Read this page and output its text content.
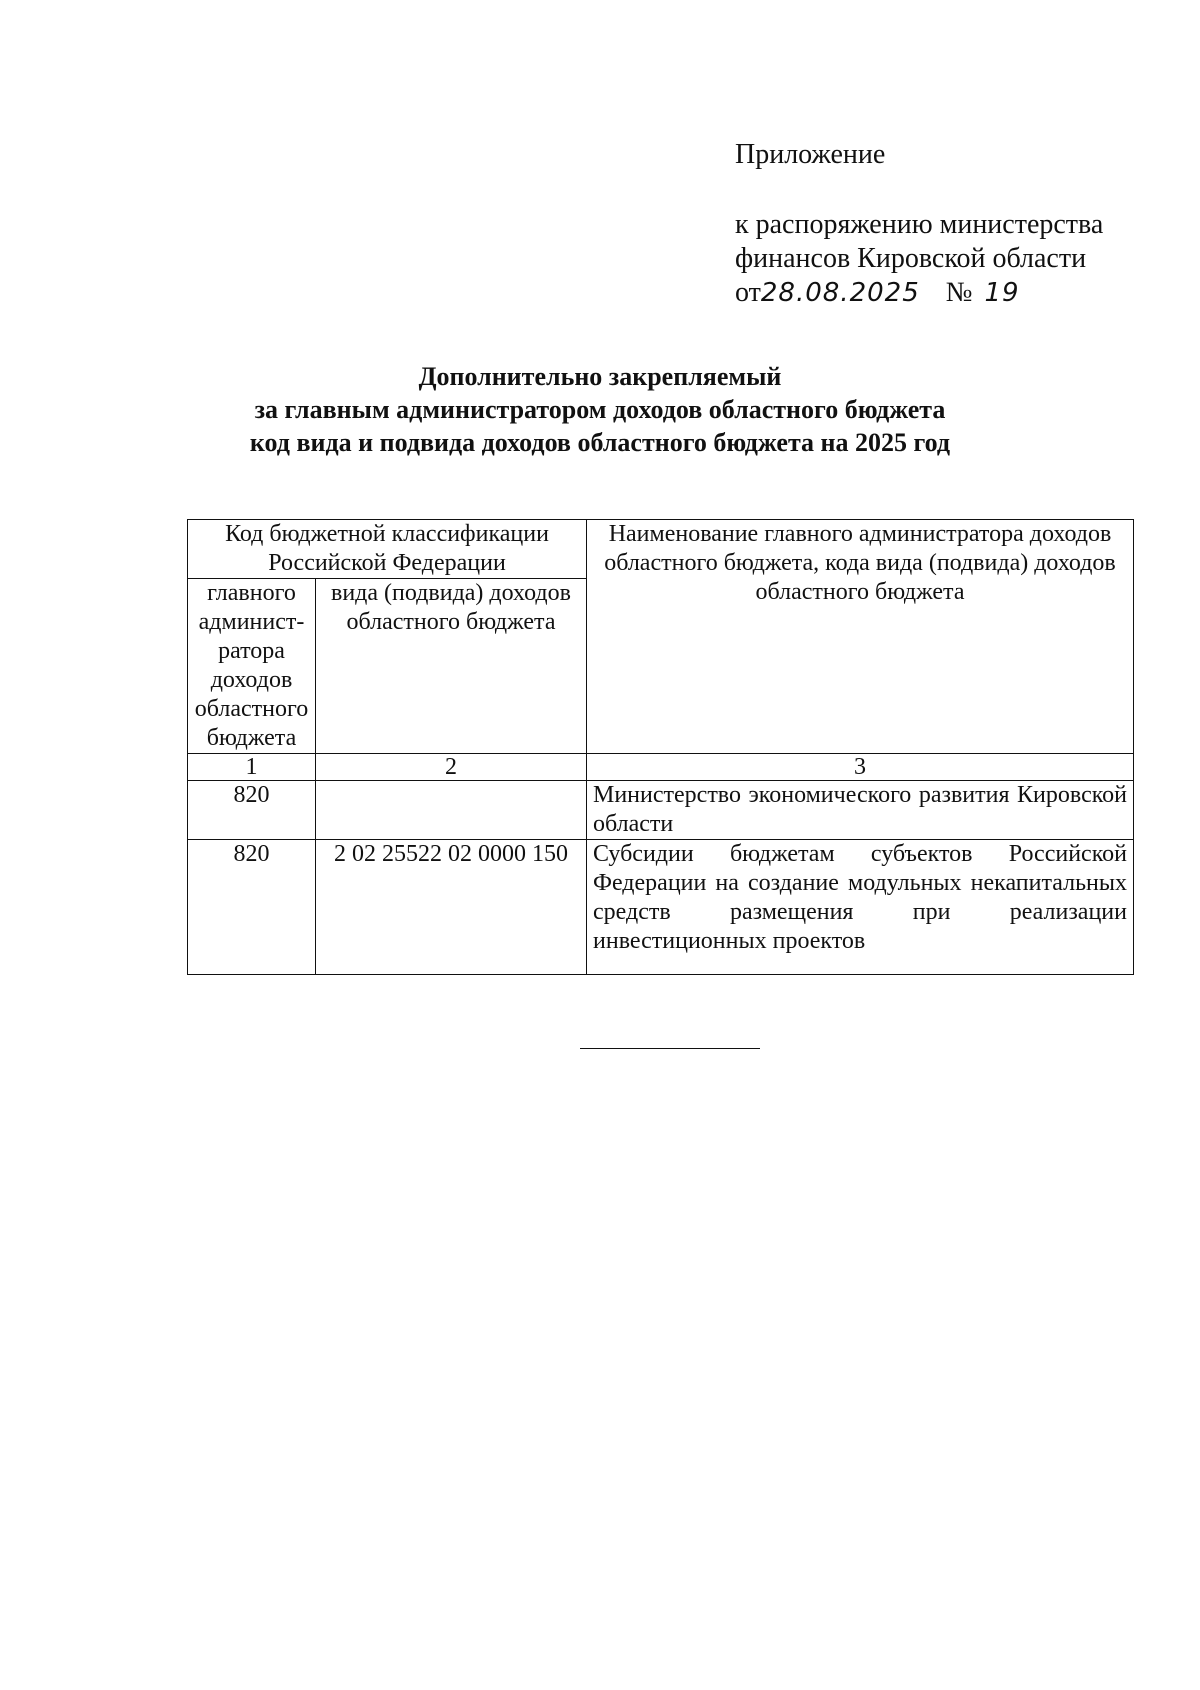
Приложение
к распоряжению министерства
финансов Кировской области
от 28.08.2025 № 19
Дополнительно закрепляемый
за главным администратором доходов областного бюджета
код вида и подвида доходов областного бюджета на 2025 год
Код бюджетной классификации Российской Федерации		Наименование главного администратора доходов областного бюджета, кода вида (подвида) доходов областного бюджета
главного админист-ратора доходов областного бюджета	вида (подвида) доходов областного бюджета	
1	2	3
820		Министерство экономического развития Кировской области
820	2 02 25522 02 0000 150	Субсидии бюджетам субъектов Российской Федерации на создание модульных некапитальных средств размещения при реализации инвестиционных проектов
